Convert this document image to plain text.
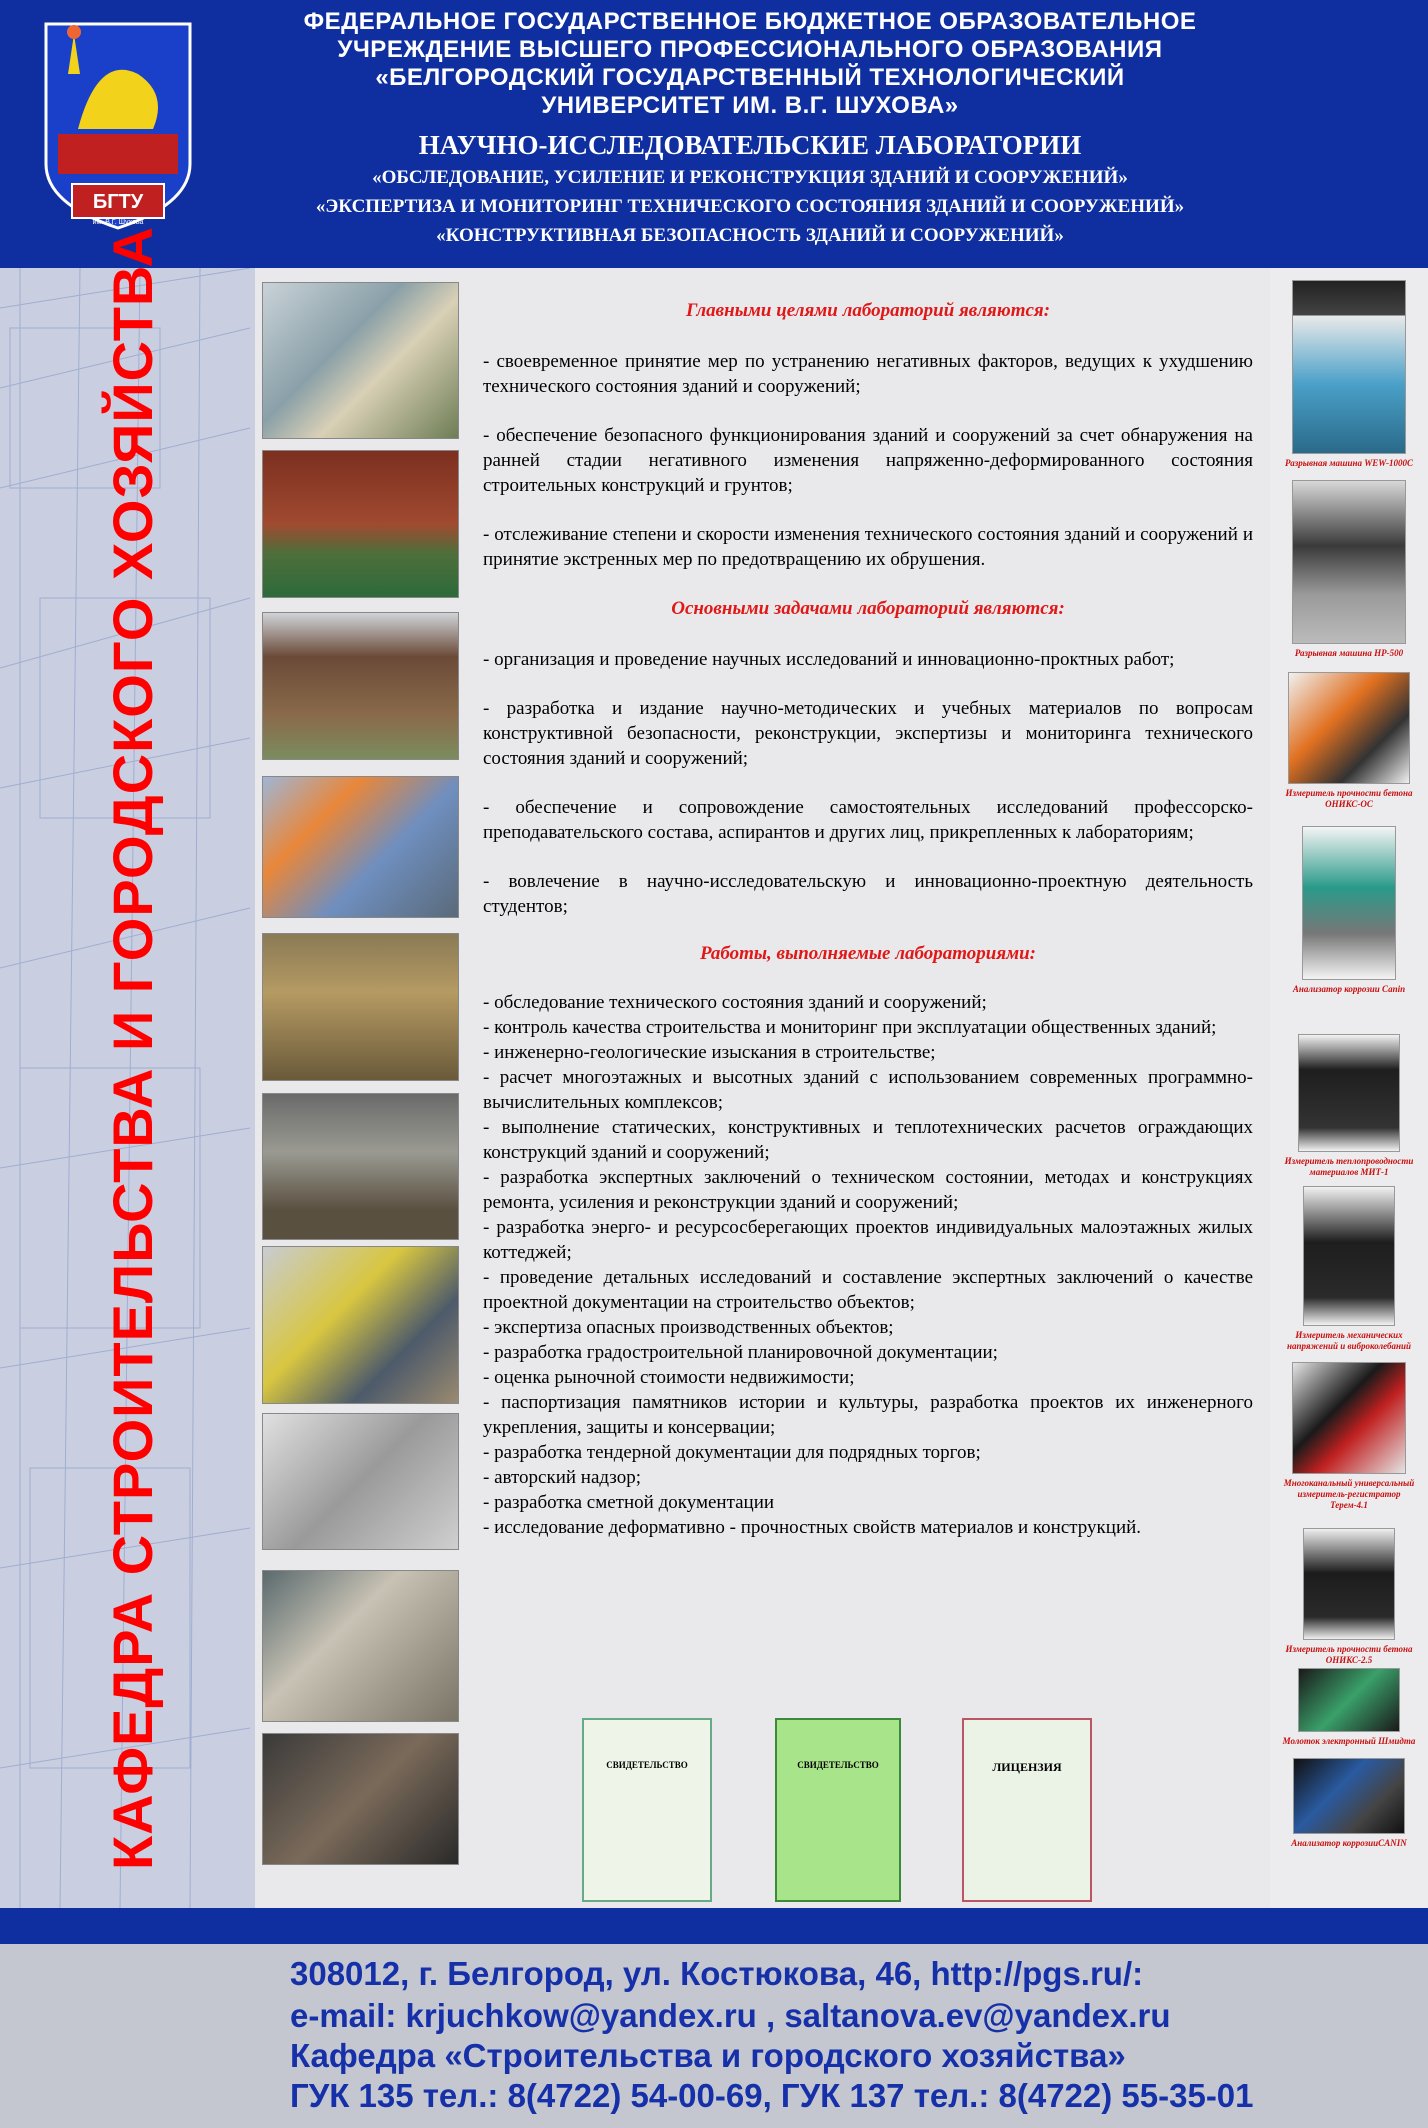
БГТУ
им. В.Г. Шухова
ФЕДЕРАЛЬНОЕ ГОСУДАРСТВЕННОЕ БЮДЖЕТНОЕ ОБРАЗОВАТЕЛЬНОЕ
УЧРЕЖДЕНИЕ ВЫСШЕГО ПРОФЕССИОНАЛЬНОГО ОБРАЗОВАНИЯ
«БЕЛГОРОДСКИЙ ГОСУДАРСТВЕННЫЙ ТЕХНОЛОГИЧЕСКИЙ
УНИВЕРСИТЕТ ИМ. В.Г. ШУХОВА»
НАУЧНО-ИССЛЕДОВАТЕЛЬСКИЕ ЛАБОРАТОРИИ
«ОБСЛЕДОВАНИЕ, УСИЛЕНИЕ И РЕКОНСТРУКЦИЯ ЗДАНИЙ И СООРУЖЕНИЙ»
«ЭКСПЕРТИЗА И МОНИТОРИНГ ТЕХНИЧЕСКОГО СОСТОЯНИЯ ЗДАНИЙ И СООРУЖЕНИЙ»
«КОНСТРУКТИВНАЯ БЕЗОПАСНОСТЬ ЗДАНИЙ И СООРУЖЕНИЙ»
КАФЕДРА СТРОИТЕЛЬСТВА И ГОРОДСКОГО ХОЗЯЙСТВА	Главными целями лабораторий являются:

- своевременное принятие мер по устранению негативных факторов, ведущих к ухудшению технического состояния зданий и сооружений;

- обеспечение безопасного функционирования зданий и сооружений за счет обнаружения на ранней стадии негативного изменения напряженно-деформированного состояния строительных конструкций и грунтов;

- отслеживание степени и скорости изменения технического состояния зданий и сооружений и принятие экстренных мер по предотвращению их обрушения.

Основными задачами лабораторий являются:

- организация и проведение научных исследований и инновационно-проктных работ;

- разработка и издание научно-методических и учебных материалов по вопросам конструктивной безопасности, реконструкции, экспертизы и мониторинга технического состояния зданий и сооружений;

- обеспечение и сопровождение самостоятельных исследований профессорско-преподавательского состава, аспирантов и других лиц, прикрепленных к лабораториям;

- вовлечение в научно-исследовательскую и инновационно-проектную деятельность студентов;

Работы, выполняемые лабораториями:

- обследование технического состояния зданий и сооружений;

- контроль качества строительства и мониторинг при эксплуатации общественных зданий;

- инженерно-геологические изыскания в строительстве;

- расчет многоэтажных и высотных зданий с использованием современных программно-вычислительных комплексов;

- выполнение статических, конструктивных и теплотехнических расчетов ограждающих конструкций зданий и сооружений;

- разработка экспертных заключений о техническом состоянии, методах и конструкциях ремонта, усиления и реконструкции зданий и сооружений;

- разработка энерго- и ресурсосберегающих проектов индивидуальных малоэтажных жилых коттеджей;

- проведение детальных исследований и составление экспертных заключений о качестве проектной документации на строительство объектов;

- экспертиза опасных производственных объектов;

- разработка градостроительной планировочной документации;

- оценка рыночной стоимости недвижимости;

- паспортизация памятников истории и культуры, разработка проектов их инженерного укрепления, защиты и консервации;

- разработка тендерной документации для подрядных торгов;

- авторский надзор;

- разработка сметной документации

- исследование деформативно - прочностных свойств материалов и конструкций.

Разрывная машина WEW-1000C
Разрывная машина HP-500
Измеритель прочности бетона ОНИКС-ОС
Анализатор коррозии Canin
Измеритель теплопроводности материалов МИТ-1
Измеритель механических напряжений и виброколебаний
Многоканальный универсальный измеритель-регистратор Терем-4.1
Измеритель прочности бетона ОНИКС-2.5
Молоток электронный Шмидта
Анализатор коррозииCANIN
СВИДЕТЕЛЬСТВО	СВИДЕТЕЛЬСТВО	ЛИЦЕНЗИЯ
308012, г. Белгород, ул. Костюкова, 46, http://pgs.ru/:
e-mail: krjuchkow@yandex.ru , saltanova.ev@yandex.ru
Кафедра «Строительства и городского хозяйства»
ГУК 135 тел.: 8(4722) 54-00-69, ГУК 137 тел.: 8(4722) 55-35-01
